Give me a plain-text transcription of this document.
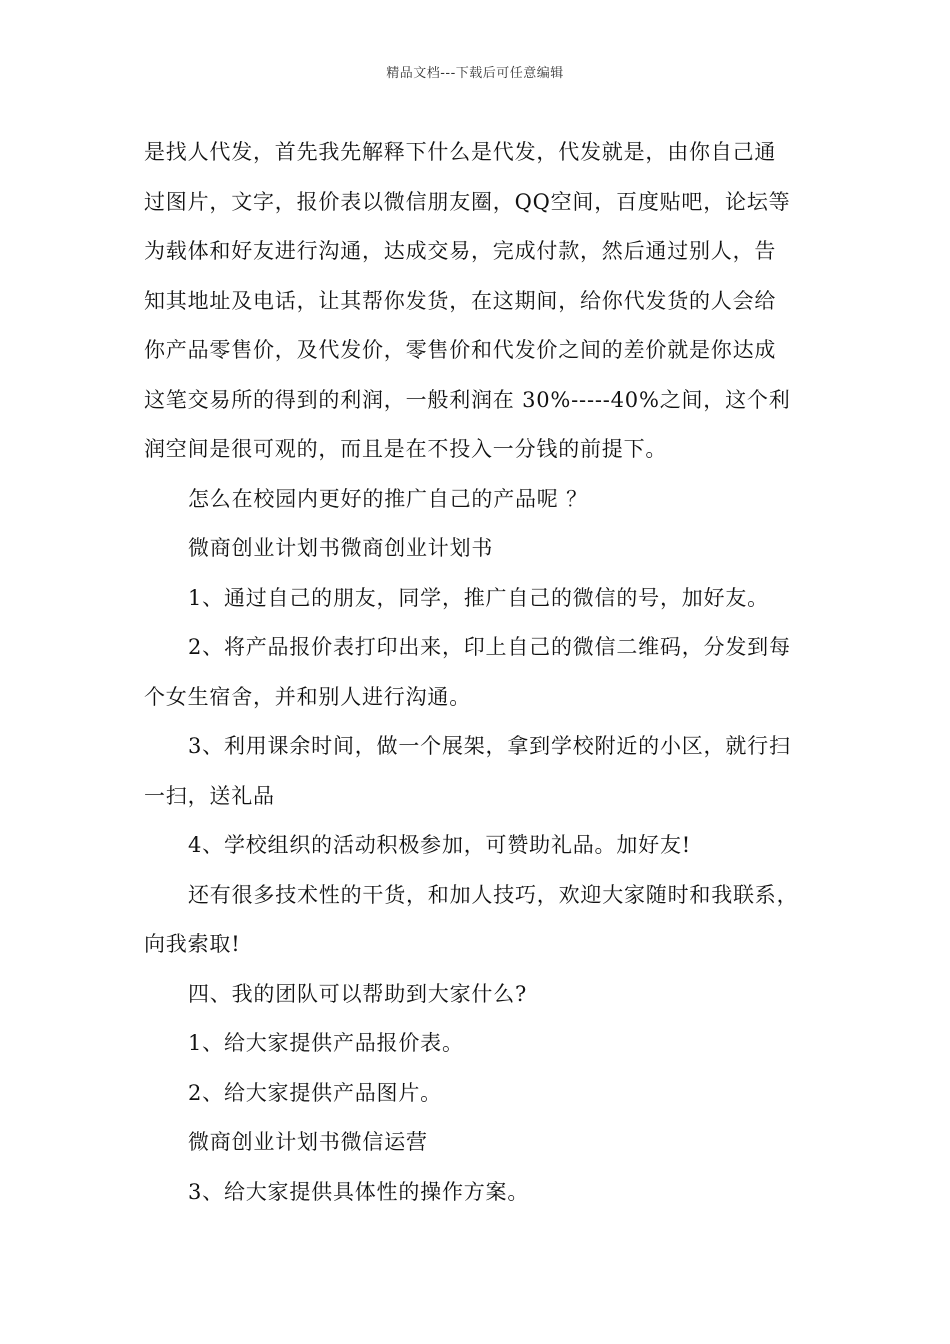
精品文档---下载后可任意编辑
是找人代发，首先我先解释下什么是代发，代发就是，由你自己通
过图片，文字，报价表以微信朋友圈，QQ空间，百度贴吧，论坛等
为载体和好友进行沟通，达成交易，完成付款，然后通过别人，告
知其地址及电话，让其帮你发货，在这期间，给你代发货的人会给
你产品零售价，及代发价，零售价和代发价之间的差价就是你达成
这笔交易所的得到的利润，一般利润在 30%-----40%之间，这个利
润空间是很可观的，而且是在不投入一分钱的前提下。
怎么在校园内更好的推广自己的产品呢 ？
微商创业计划书微商创业计划书
1、通过自己的朋友，同学，推广自己的微信的号，加好友。
2、将产品报价表打印出来，印上自己的微信二维码，分发到每
个女生宿舍，并和别人进行沟通。
3、利用课余时间，做一个展架，拿到学校附近的小区，就行扫
一扫，送礼品
4、学校组织的活动积极参加，可赞助礼品。加好友!
还有很多技术性的干货，和加人技巧，欢迎大家随时和我联系，
向我索取!
四、我的团队可以帮助到大家什么?
1、给大家提供产品报价表。
2、给大家提供产品图片。
微商创业计划书微信运营
3、给大家提供具体性的操作方案。
